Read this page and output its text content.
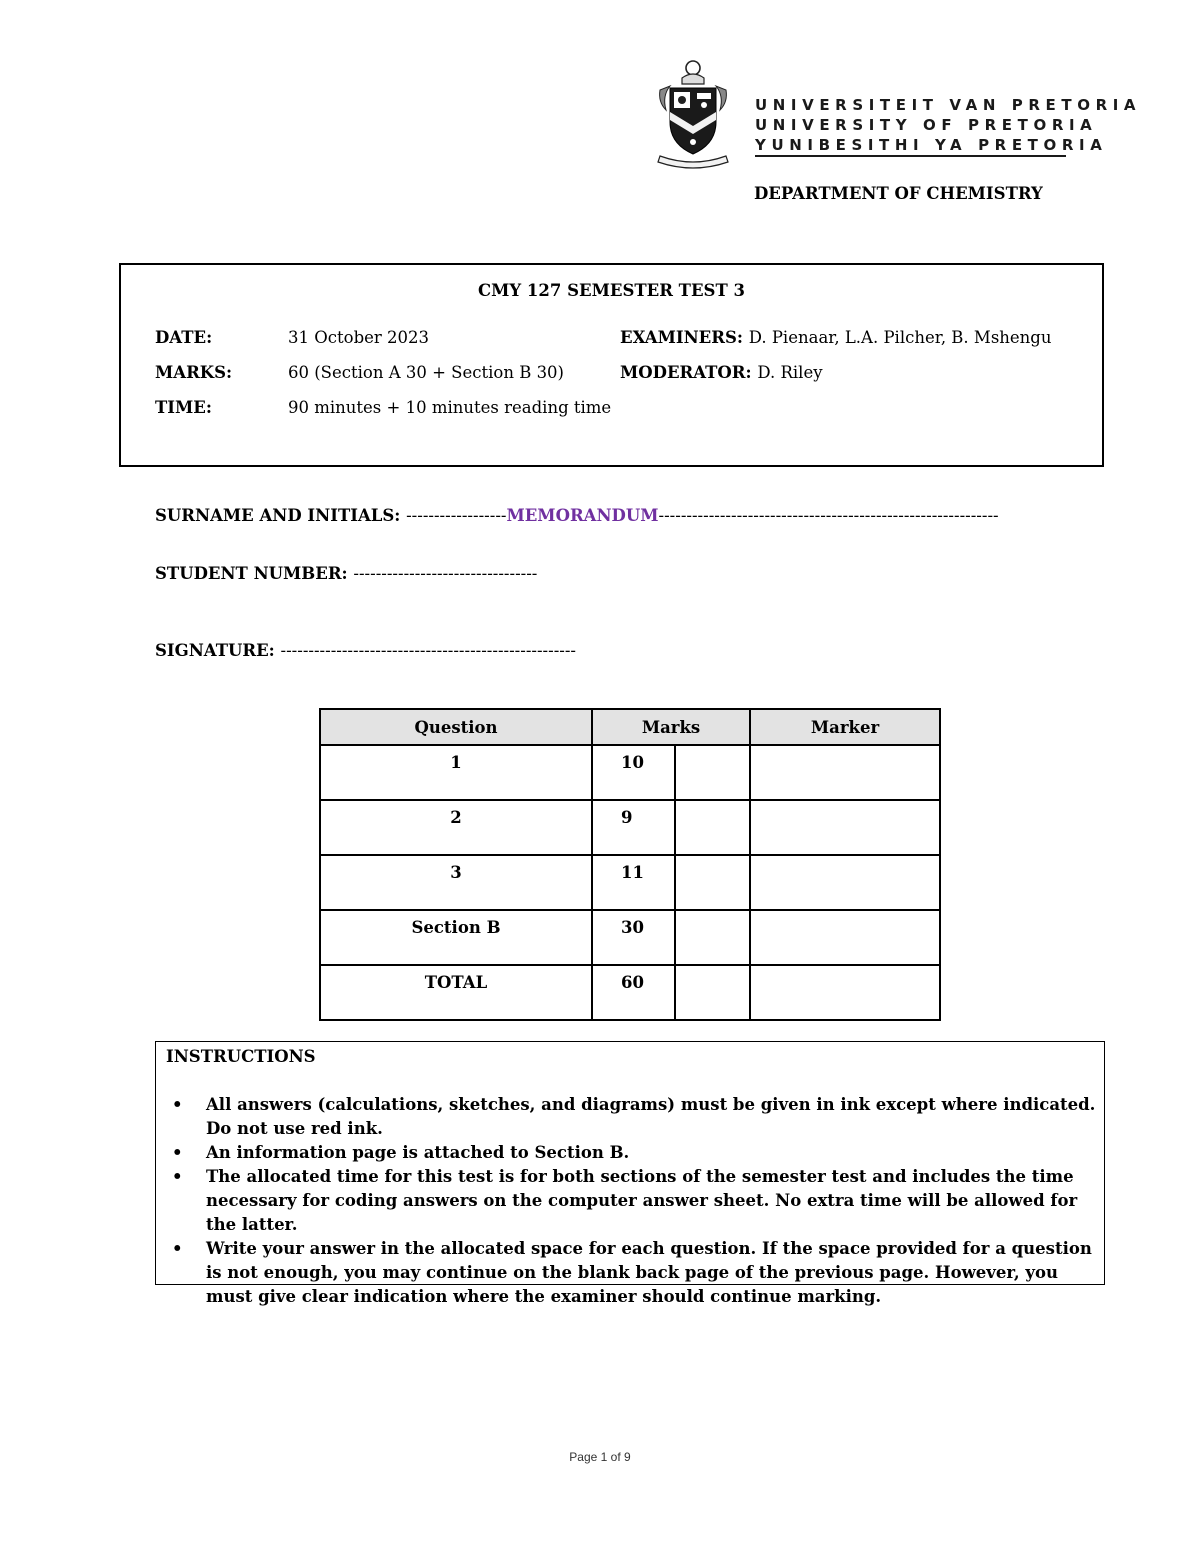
UNIVERSITEIT VAN PRETORIA
UNIVERSITY OF PRETORIA
YUNIBESITHI YA PRETORIA
DEPARTMENT OF CHEMISTRY
CMY 127 SEMESTER TEST 3
DATE:	31 October 2023
MARKS:	60 (Section A 30 + Section B 30)
TIME:	90 minutes + 10 minutes reading time
EXAMINERS: D. Pienaar, L.A. Pilcher, B. Mshengu
MODERATOR: D. Riley
SURNAME AND INITIALS: ------------------MEMORANDUM-------------------------------------------------------------
STUDENT NUMBER: ---------------------------------
SIGNATURE: -----------------------------------------------------
Question	Marks		Marker
1	10		
2	9		
3	11		
Section B	30		
TOTAL	60		
INSTRUCTIONS
• All answers (calculations, sketches, and diagrams) must be given in ink except where indicated. Do not use red ink.
• An information page is attached to Section B.
• The allocated time for this test is for both sections of the semester test and includes the time necessary for coding answers on the computer answer sheet. No extra time will be allowed for the latter.
• Write your answer in the allocated space for each question. If the space provided for a question is not enough, you may continue on the blank back page of the previous page. However, you must give clear indication where the examiner should continue marking.
Page 1 of 9
